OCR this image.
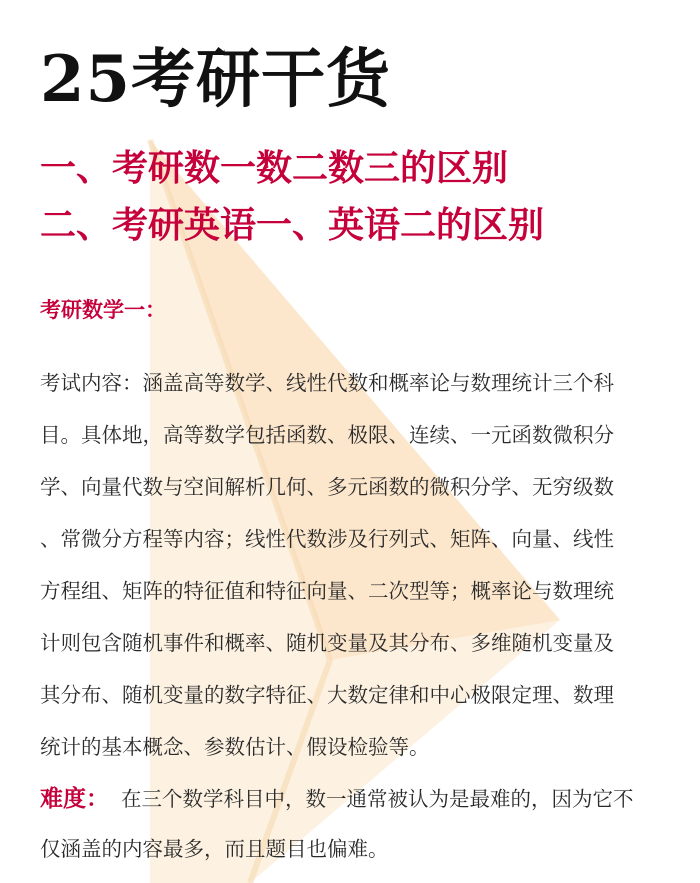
25考研干货
一、考研数一数二数三的区别
二、考研英语一、英语二的区别
考研数学一：

考试内容：涵盖高等数学、线性代数和概率论与数理统计三个科
目。具体地，高等数学包括函数、极限、连续、一元函数微积分
学、向量代数与空间解析几何、多元函数的微积分学、无穷级数
、常微分方程等内容；线性代数涉及行列式、矩阵、向量、线性
方程组、矩阵的特征值和特征向量、二次型等；概率论与数理统
计则包含随机事件和概率、随机变量及其分布、多维随机变量及
其分布、随机变量的数字特征、大数定律和中心极限定理、数理
统计的基本概念、参数估计、假设检验等。

难度： 在三个数学科目中，数一通常被认为是最难的，因为它不
仅涵盖的内容最多，而且题目也偏难。
